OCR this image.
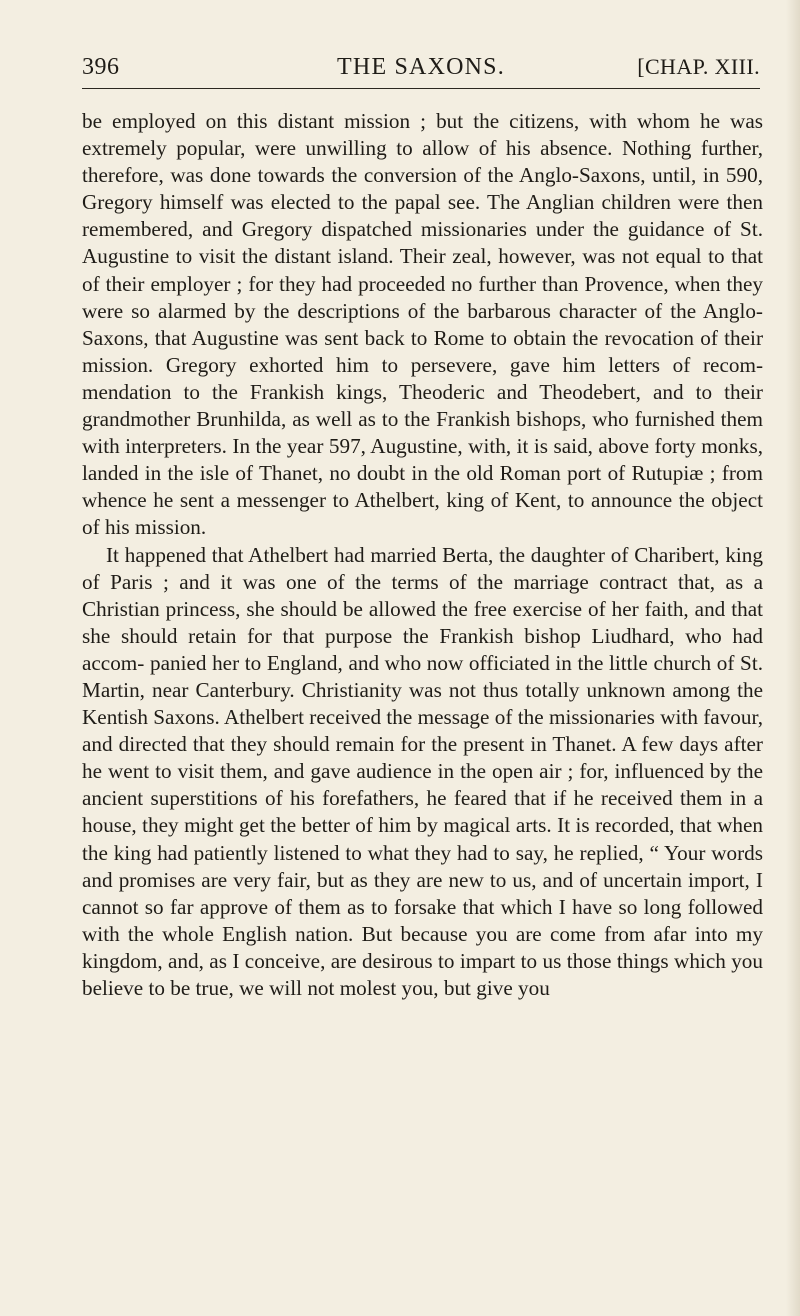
396	THE SAXONS.	[CHAP. XIII.

be employed on this distant mission ; but the citizens, with whom he was extremely popular, were unwilling to allow of his absence. Nothing further, therefore, was done towards the conversion of the Anglo-Saxons, until, in 590, Gregory himself was elected to the papal see. The Anglian children were then remembered, and Gregory dispatched missionaries under the guidance of St. Augustine to visit the distant island. Their zeal, however, was not equal to that of their employer ; for they had proceeded no further than Provence, when they were so alarmed by the descriptions of the barbarous character of the Anglo-Saxons, that Augustine was sent back to Rome to obtain the revocation of their mission. Gregory exhorted him to persevere, gave him letters of recom- mendation to the Frankish kings, Theoderic and Theodebert, and to their grandmother Brunhilda, as well as to the Frankish bishops, who furnished them with interpreters. In the year 597, Augustine, with, it is said, above forty monks, landed in the isle of Thanet, no doubt in the old Roman port of Rutupiæ ; from whence he sent a messenger to Athelbert, king of Kent, to announce the object of his mission.

It happened that Athelbert had married Berta, the daughter of Charibert, king of Paris ; and it was one of the terms of the marriage contract that, as a Christian princess, she should be allowed the free exercise of her faith, and that she should retain for that purpose the Frankish bishop Liudhard, who had accom- panied her to England, and who now officiated in the little church of St. Martin, near Canterbury. Christianity was not thus totally unknown among the Kentish Saxons. Athelbert received the message of the missionaries with favour, and directed that they should remain for the present in Thanet. A few days after he went to visit them, and gave audience in the open air ; for, influenced by the ancient superstitions of his forefathers, he feared that if he received them in a house, they might get the better of him by magical arts. It is recorded, that when the king had patiently listened to what they had to say, he replied, “ Your words and promises are very fair, but as they are new to us, and of uncertain import, I cannot so far approve of them as to forsake that which I have so long followed with the whole English nation. But because you are come from afar into my kingdom, and, as I conceive, are desirous to impart to us those things which you believe to be true, we will not molest you, but give you
